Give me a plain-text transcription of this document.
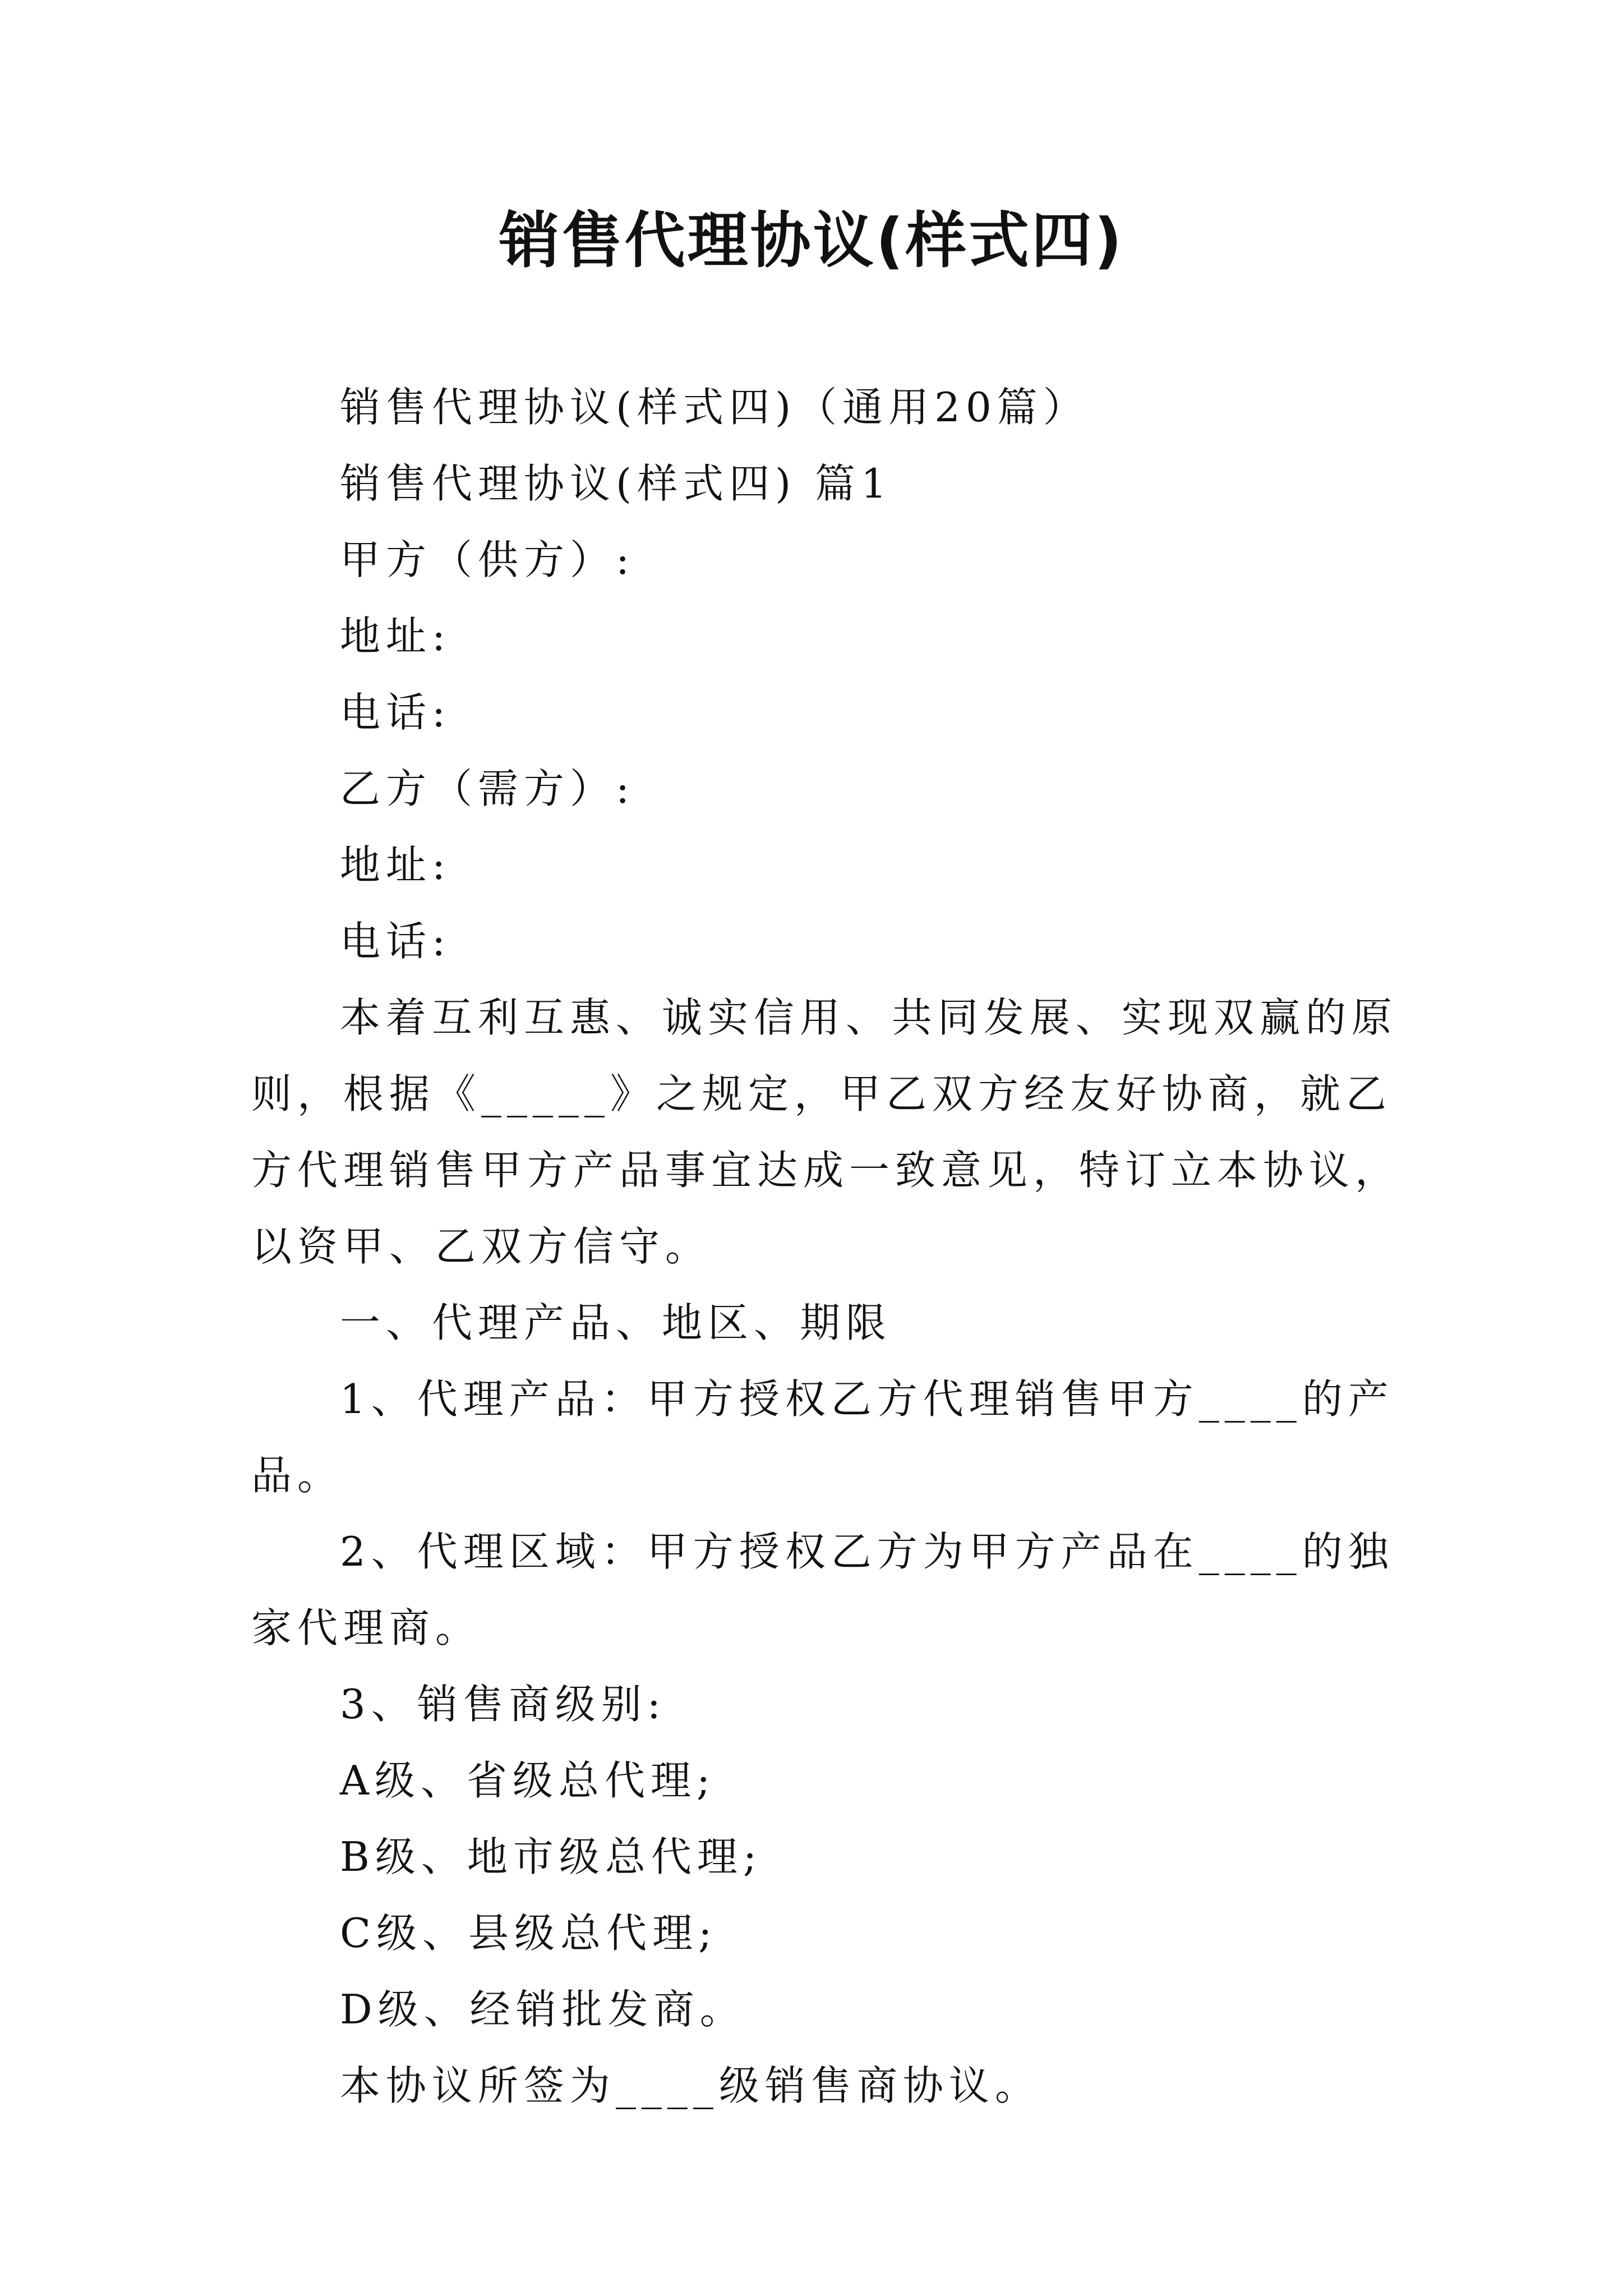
销售代理协议(样式四)

销售代理协议(样式四)（通用20篇）

销售代理协议(样式四) 篇1

甲方（供方）:

地址:

电话:

乙方（需方）:

地址:

电话:

本着互利互惠、诚实信用、共同发展、实现双赢的原则，根据《_____》之规定，甲乙双方经友好协商，就乙方代理销售甲方产品事宜达成一致意见，特订立本协议，以资甲、乙双方信守。

一、代理产品、地区、期限

1、代理产品：甲方授权乙方代理销售甲方____的产品。

2、代理区域：甲方授权乙方为甲方产品在____的独家代理商。

3、销售商级别:

A级、省级总代理;

B级、地市级总代理;

C级、县级总代理;

D级、经销批发商。

本协议所签为____级销售商协议。
